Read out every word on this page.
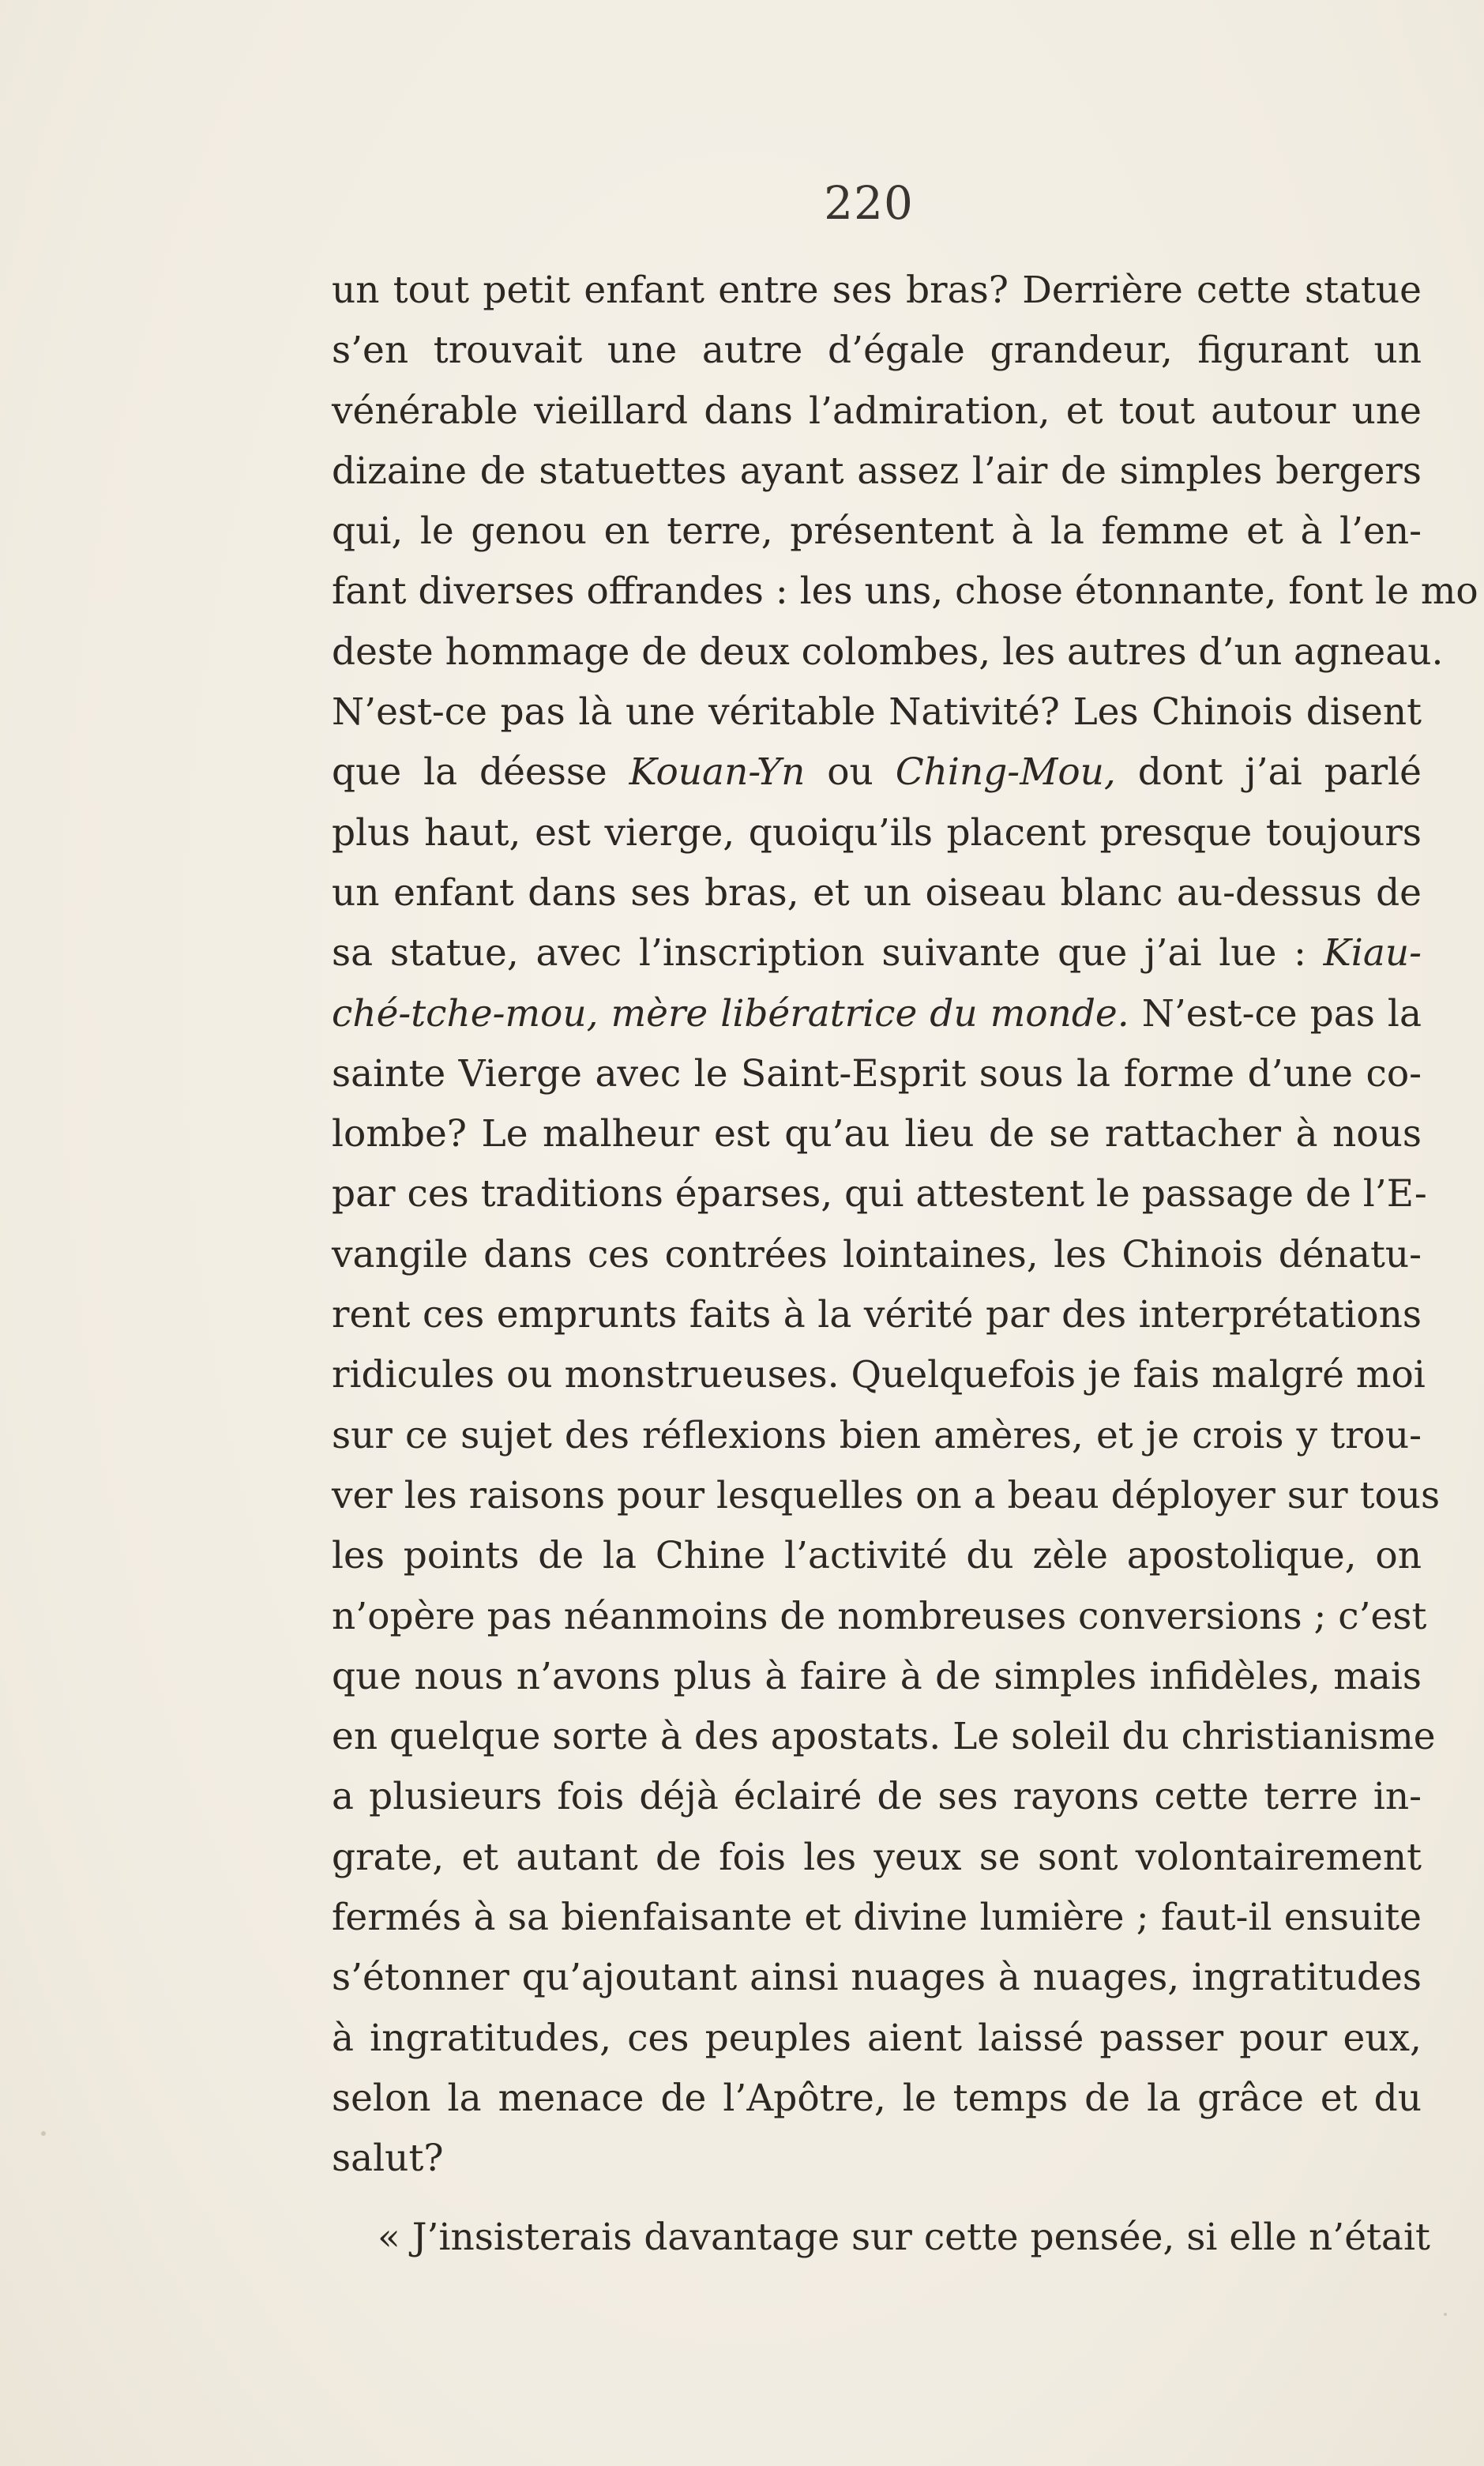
220
un tout petit enfant entre ses bras? Derrière cette statue
s’en trouvait une autre d’égale grandeur, figurant un
vénérable vieillard dans l’admiration, et tout autour une
dizaine de statuettes ayant assez l’air de simples bergers
qui, le genou en terre, présentent à la femme et à l’en-
fant diverses offrandes : les uns, chose étonnante, font le mo
deste hommage de deux colombes, les autres d’un agneau.
N’est-ce pas là une véritable Nativité? Les Chinois disent
que la déesse Kouan-Yn ou Ching-Mou, dont j’ai parlé
plus haut, est vierge, quoiqu’ils placent presque toujours
un enfant dans ses bras, et un oiseau blanc au-dessus de
sa statue, avec l’inscription suivante que j’ai lue : Kiau-
ché-tche-mou, mère libératrice du monde. N’est-ce pas la
sainte Vierge avec le Saint-Esprit sous la forme d’une co-
lombe? Le malheur est qu’au lieu de se rattacher à nous
par ces traditions éparses, qui attestent le passage de l’E-
vangile dans ces contrées lointaines, les Chinois dénatu-
rent ces emprunts faits à la vérité par des interprétations
ridicules ou monstrueuses. Quelquefois je fais malgré moi
sur ce sujet des réflexions bien amères, et je crois y trou-
ver les raisons pour lesquelles on a beau déployer sur tous
les points de la Chine l’activité du zèle apostolique, on
n’opère pas néanmoins de nombreuses conversions ; c’est
que nous n’avons plus à faire à de simples infidèles, mais
en quelque sorte à des apostats. Le soleil du christianisme
a plusieurs fois déjà éclairé de ses rayons cette terre in-
grate, et autant de fois les yeux se sont volontairement
fermés à sa bienfaisante et divine lumière ; faut-il ensuite
s’étonner qu’ajoutant ainsi nuages à nuages, ingratitudes
à ingratitudes, ces peuples aient laissé passer pour eux,
selon la menace de l’Apôtre, le temps de la grâce et du
salut?
« J’insisterais davantage sur cette pensée, si elle n’était
